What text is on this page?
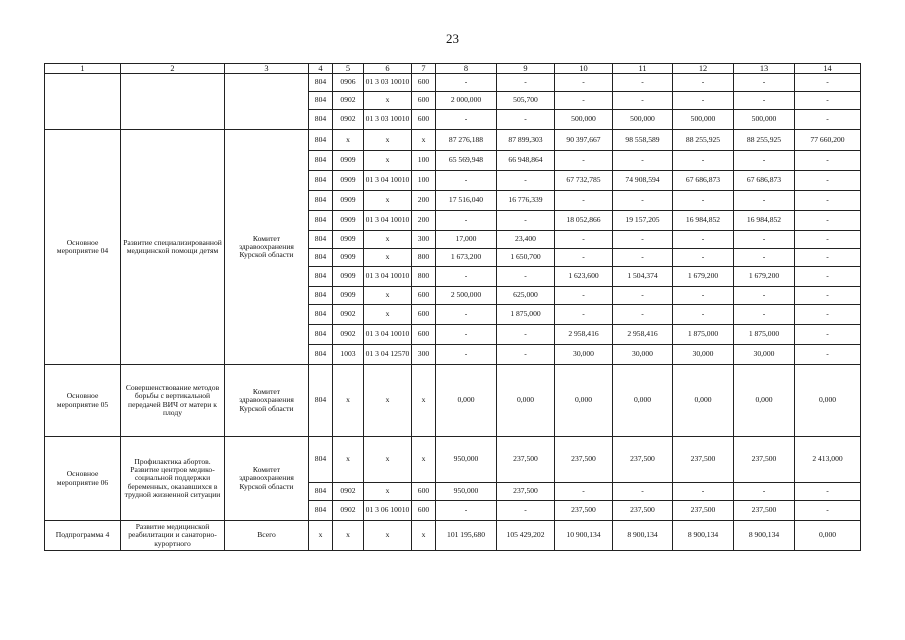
23
1	2	3	4	5	6	7	8	9	10	11	12	13	14
			804	0906	01 3 03 10010	600	-	-	-	-	-	-	-
			804	0902	х	600	2 000,000	505,700	-	-	-	-	-
			804	0902	01 3 03 10010	600	-	-	500,000	500,000	500,000	500,000	-
Основное мероприятие 04	Развитие специализированной медицинской помощи детям	Комитет здравоохранения Курской области	804	х	х	х	87 276,188	87 899,303	90 397,667	98 558,589	88 255,925	88 255,925	77 660,200
			804	0909	х	100	65 569,948	66 948,864	-	-	-	-	-
			804	0909	01 3 04 10010	100	-	-	67 732,785	74 908,594	67 686,873	67 686,873	-
			804	0909	х	200	17 516,040	16 776,339	-	-	-	-	-
			804	0909	01 3 04 10010	200	-	-	18 052,866	19 157,205	16 984,852	16 984,852	-
			804	0909	х	300	17,000	23,400	-	-	-	-	-
			804	0909	х	800	1 673,200	1 650,700	-	-	-	-	-
			804	0909	01 3 04 10010	800	-	-	1 623,600	1 504,374	1 679,200	1 679,200	-
			804	0909	х	600	2 500,000	625,000	-	-	-	-	-
			804	0902	х	600	-	1 875,000	-	-	-	-	-
			804	0902	01 3 04 10010	600	-	-	2 958,416	2 958,416	1 875,000	1 875,000	-
			804	1003	01 3 04 12570	300	-	-	30,000	30,000	30,000	30,000	-
Основное мероприятие 05	Совершенствование методов борьбы с вертикальной передачей ВИЧ от матери к плоду	Комитет здравоохранения Курской области	804	х	х	х	0,000	0,000	0,000	0,000	0,000	0,000	0,000
Основное мероприятие 06	Профилактика абортов. Развитие центров медико-социальной поддержки беременных, оказавшихся в трудной жизненной ситуации	Комитет здравоохранения Курской области	804	х	х	х	950,000	237,500	237,500	237,500	237,500	237,500	2 413,000
			804	0902	х	600	950,000	237,500	-	-	-	-	-
			804	0902	01 3 06 10010	600	-	-	237,500	237,500	237,500	237,500	-
Подпрограмма 4	Развитие медицинской реабилитации и санаторно-курортного	Всего	х	х	х	х	101 195,680	105 429,202	10 900,134	8 900,134	8 900,134	8 900,134	0,000
